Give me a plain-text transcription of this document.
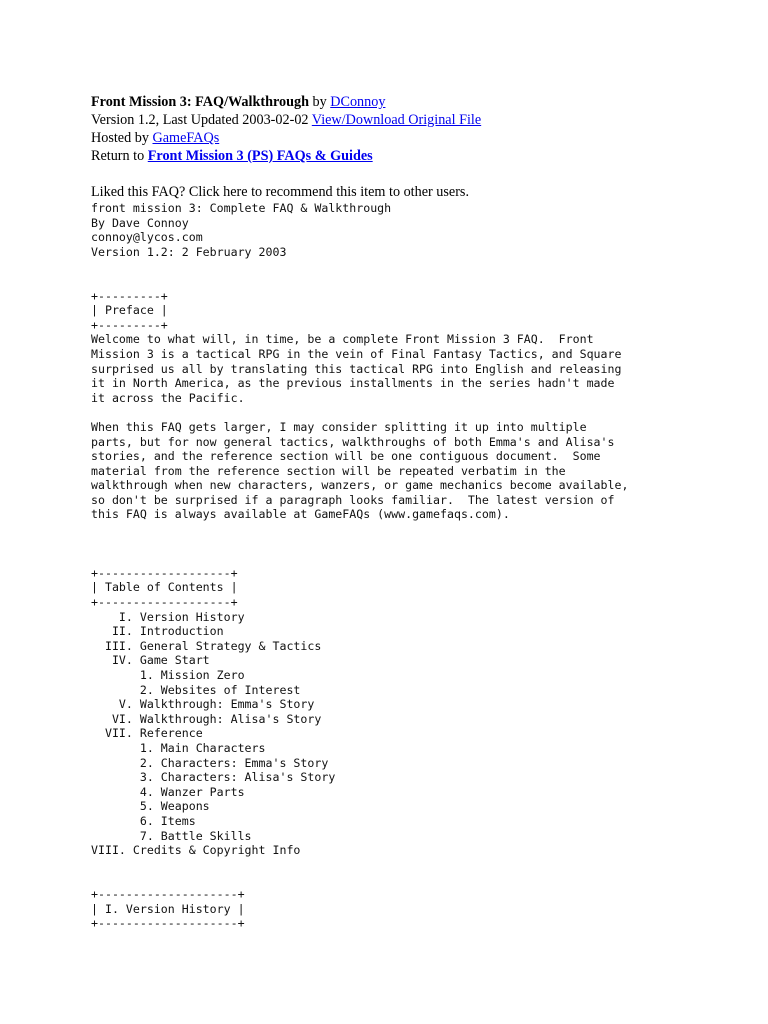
Front Mission 3: FAQ/Walkthrough by DConnoy
Version 1.2, Last Updated 2003-02-02 View/Download Original File
Hosted by GameFAQs
Return to Front Mission 3 (PS) FAQs & Guides
Liked this FAQ? Click here to recommend this item to other users.
front mission 3: Complete FAQ & Walkthrough
By Dave Connoy
connoy@lycos.com
Version 1.2: 2 February 2003

+---------+
| Preface |
+---------+
Welcome to what will, in time, be a complete Front Mission 3 FAQ.  Front
Mission 3 is a tactical RPG in the vein of Final Fantasy Tactics, and Square
surprised us all by translating this tactical RPG into English and releasing
it in North America, as the previous installments in the series hadn't made
it across the Pacific.

When this FAQ gets larger, I may consider splitting it up into multiple
parts, but for now general tactics, walkthroughs of both Emma's and Alisa's
stories, and the reference section will be one contiguous document.  Some
material from the reference section will be repeated verbatim in the
walkthrough when new characters, wanzers, or game mechanics become available,
so don't be surprised if a paragraph looks familiar.  The latest version of
this FAQ is always available at GameFAQs (www.gamefaqs.com).

+-------------------+
| Table of Contents |
+-------------------+
I. Version History
II. Introduction
III. General Strategy & Tactics
IV. Game Start
1. Mission Zero
2. Websites of Interest
V. Walkthrough: Emma's Story
VI. Walkthrough: Alisa's Story
VII. Reference
1. Main Characters
2. Characters: Emma's Story
3. Characters: Alisa's Story
4. Wanzer Parts
5. Weapons
6. Items
7. Battle Skills
VIII. Credits & Copyright Info

+--------------------+
| I. Version History |
+--------------------+
